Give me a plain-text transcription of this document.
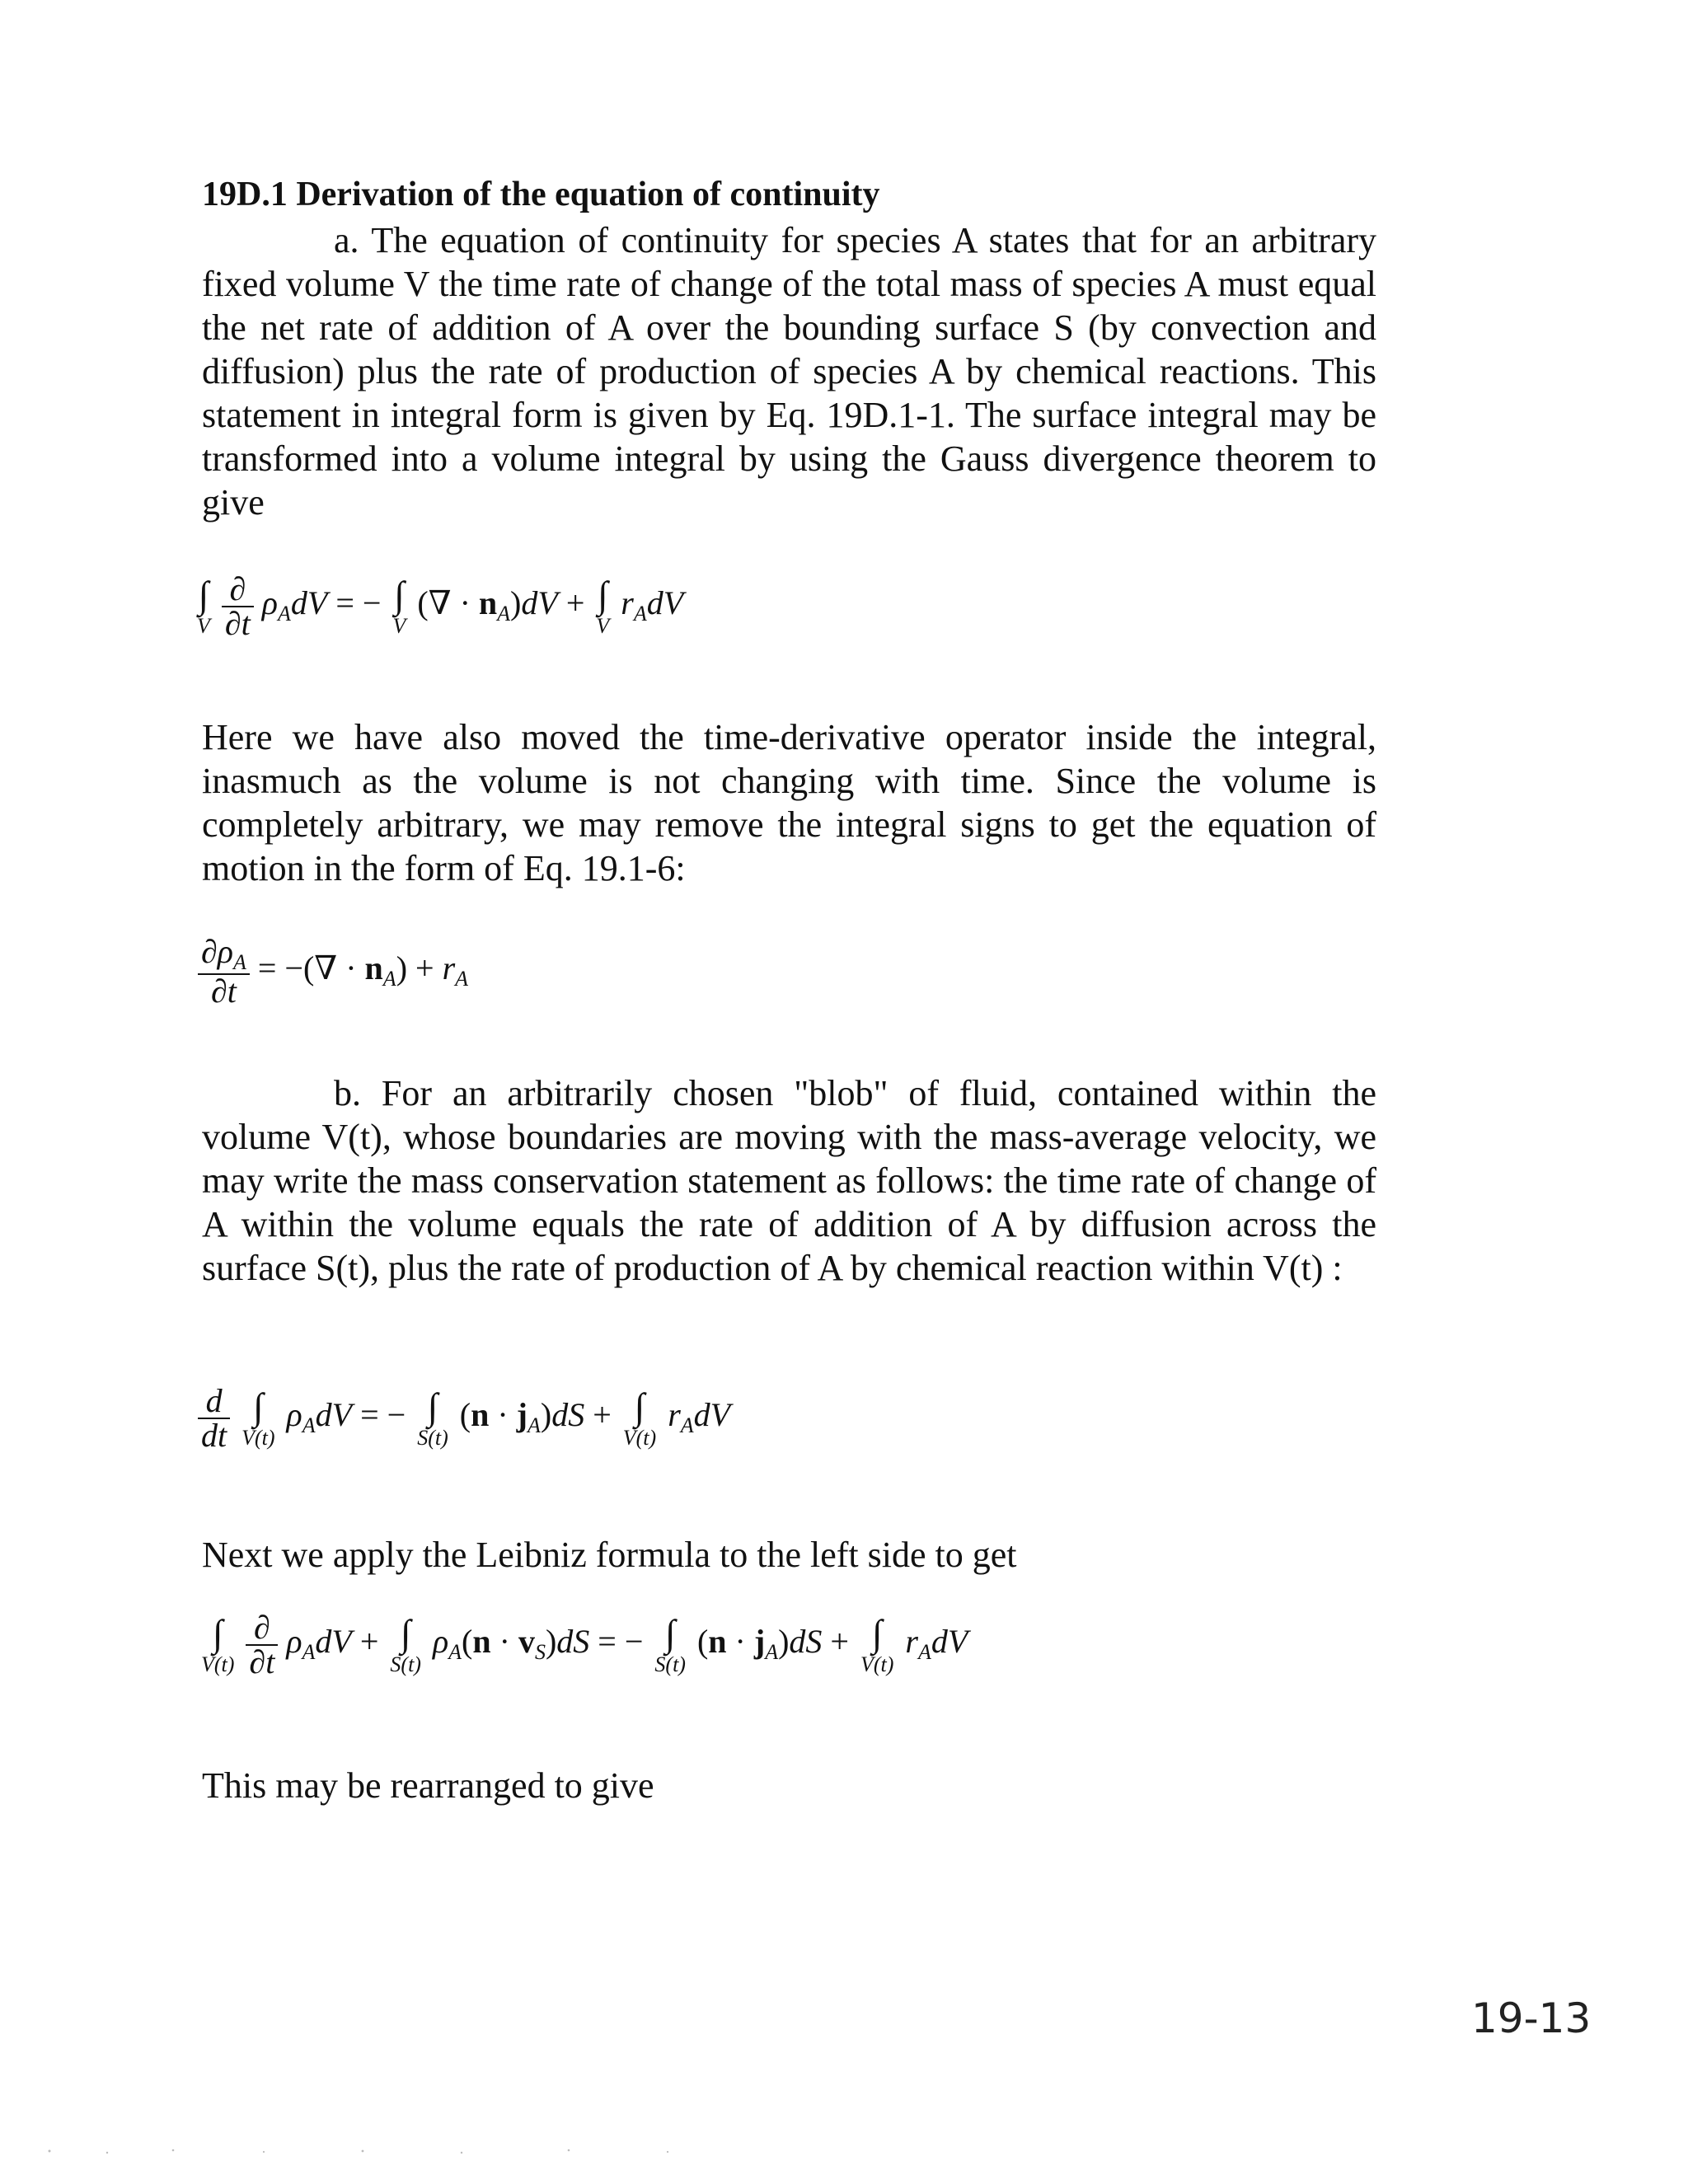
19D.1 Derivation of the equation of continuity

a. The equation of continuity for species A states that for an arbitrary fixed volume V the time rate of change of the total mass of species A must equal the net rate of addition of A over the bounding surface S (by convection and diffusion) plus the rate of production of species A by chemical reactions. This statement in integral form is given by Eq. 19D.1-1. The surface integral may be transformed into a volume integral by using the Gauss divergence theorem to give

∫
V
$\frac{\partial}{\partial t} \rho_AdV$ = − ∫
V
(∇ · $n_A)dV$ + ∫
V
$r_AdV$

Here we have also moved the time-derivative operator inside the integral, inasmuch as the volume is not changing with time. Since the volume is completely arbitrary, we may remove the integral signs to get the equation of motion in the form of Eq. 19.1-6:

$\frac{\partial\rho_A}{\partial t}$ = −(∇ · $n_A) + r_A$

b. For an arbitrarily chosen "blob" of fluid, contained within the volume V(t), whose boundaries are moving with the mass-average velocity, we may write the mass conservation statement as follows: the time rate of change of A within the volume equals the rate of addition of A by diffusion across the surface S(t), plus the rate of production of A by chemical reaction within V(t) :

$\frac{d}{dt}$
∫
V(t)
$\rho_AdV$ = − ∫
S(t)
$(n \cdot j_A)dS$ + ∫
V(t)
$r_AdV$

Next we apply the Leibniz formula to the left side to get

∫
V(t)
$\frac{\partial}{\partial t} \rho_AdV$ + ∫
S(t)
$\rho_A(n \cdot v_S)dS$ = − ∫
S(t)
$(n \cdot j_A)dS$ + ∫
V(t)
$r_AdV$

This may be rearranged to give

19-13
